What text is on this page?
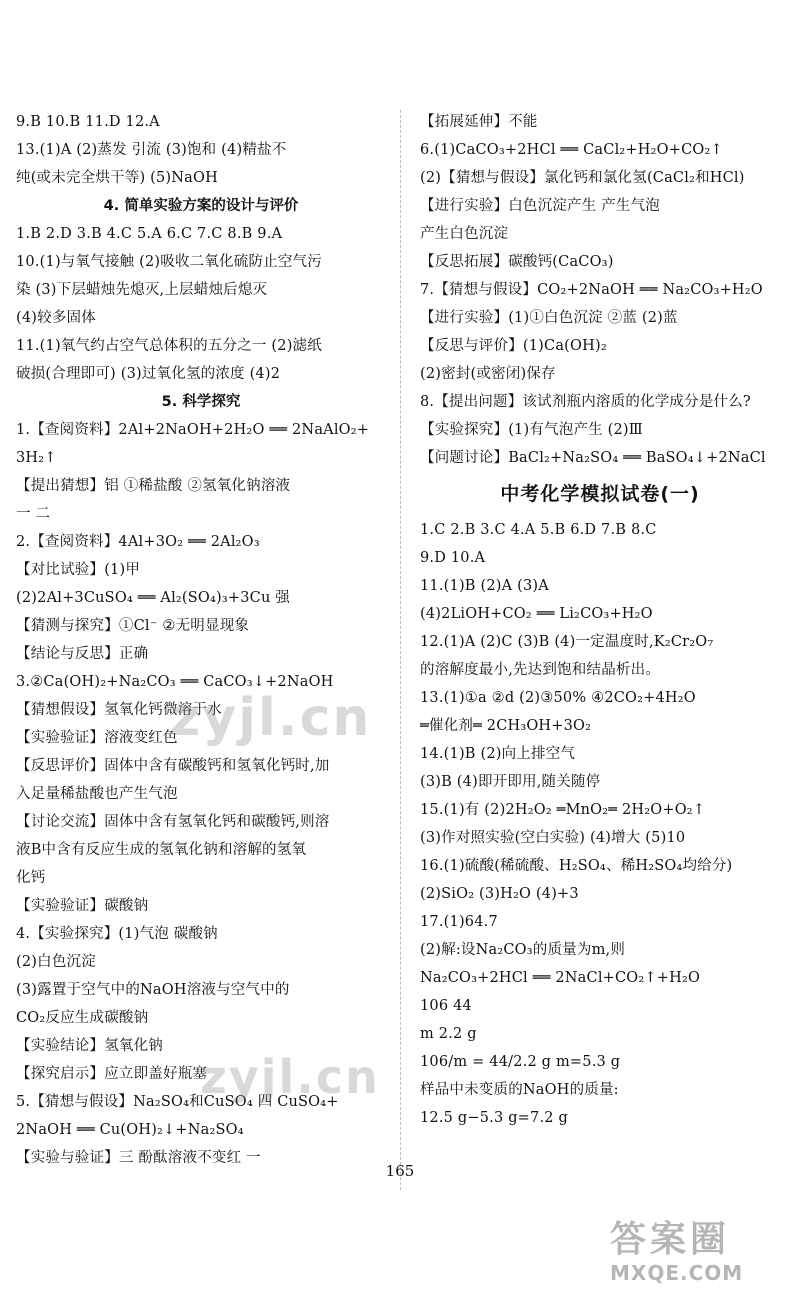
9.B 10.B 11.D 12.A
13.(1)A (2)蒸发 引流 (3)饱和 (4)精盐不
纯(或未完全烘干等) (5)NaOH
4. 简单实验方案的设计与评价
1.B 2.D 3.B 4.C 5.A 6.C 7.C 8.B 9.A
10.(1)与氧气接触 (2)吸收二氧化硫防止空气污
染 (3)下层蜡烛先熄灭,上层蜡烛后熄灭
(4)较多固体
11.(1)氧气约占空气总体积的五分之一 (2)滤纸
破损(合理即可) (3)过氧化氢的浓度 (4)2
5. 科学探究
1.【查阅资料】2Al+2NaOH+2H₂O ══ 2NaAlO₂+
3H₂↑
【提出猜想】铝 ①稀盐酸 ②氢氧化钠溶液
一 二
2.【查阅资料】4Al+3O₂ ══ 2Al₂O₃
【对比试验】(1)甲
(2)2Al+3CuSO₄ ══ Al₂(SO₄)₃+3Cu 强
【猜测与探究】①Cl⁻ ②无明显现象
【结论与反思】正确
3.②Ca(OH)₂+Na₂CO₃ ══ CaCO₃↓+2NaOH
【猜想假设】氢氧化钙微溶于水
【实验验证】溶液变红色
【反思评价】固体中含有碳酸钙和氢氧化钙时,加
入足量稀盐酸也产生气泡
【讨论交流】固体中含有氢氧化钙和碳酸钙,则溶
液B中含有反应生成的氢氧化钠和溶解的氢氧
化钙
【实验验证】碳酸钠
4.【实验探究】(1)气泡 碳酸钠
(2)白色沉淀
(3)露置于空气中的NaOH溶液与空气中的
CO₂反应生成碳酸钠
【实验结论】氢氧化钠
【探究启示】应立即盖好瓶塞
5.【猜想与假设】Na₂SO₄和CuSO₄ 四 CuSO₄+
2NaOH ══ Cu(OH)₂↓+Na₂SO₄
【实验与验证】三 酚酞溶液不变红 一
【拓展延伸】不能
6.(1)CaCO₃+2HCl ══ CaCl₂+H₂O+CO₂↑
(2)【猜想与假设】氯化钙和氯化氢(CaCl₂和HCl)
【进行实验】白色沉淀产生 产生气泡
产生白色沉淀
【反思拓展】碳酸钙(CaCO₃)
7.【猜想与假设】CO₂+2NaOH ══ Na₂CO₃+H₂O
【进行实验】(1)①白色沉淀 ②蓝 (2)蓝
【反思与评价】(1)Ca(OH)₂
(2)密封(或密闭)保存
8.【提出问题】该试剂瓶内溶质的化学成分是什么?
【实验探究】(1)有气泡产生 (2)Ⅲ
【问题讨论】BaCl₂+Na₂SO₄ ══ BaSO₄↓+2NaCl
中考化学模拟试卷(一)
1.C 2.B 3.C 4.A 5.B 6.D 7.B 8.C
9.D 10.A
11.(1)B (2)A (3)A
(4)2LiOH+CO₂ ══ Li₂CO₃+H₂O
12.(1)A (2)C (3)B (4)一定温度时,K₂Cr₂O₇
的溶解度最小,先达到饱和结晶析出。
13.(1)①a ②d (2)③50% ④2CO₂+4H₂O
═催化剂═ 2CH₃OH+3O₂
14.(1)B (2)向上排空气
(3)B (4)即开即用,随关随停
15.(1)有 (2)2H₂O₂ ═MnO₂═ 2H₂O+O₂↑
(3)作对照实验(空白实验) (4)增大 (5)10
16.(1)硫酸(稀硫酸、H₂SO₄、稀H₂SO₄均给分)
(2)SiO₂ (3)H₂O (4)+3
17.(1)64.7
(2)解:设Na₂CO₃的质量为m,则
Na₂CO₃+2HCl ══ 2NaCl+CO₂↑+H₂O
106 44
m 2.2 g
106/m = 44/2.2 g m=5.3 g
样品中未变质的NaOH的质量:
12.5 g−5.3 g=7.2 g
165
zyjl.cn
zyjl.cn
答案圈
MXQE.COM
